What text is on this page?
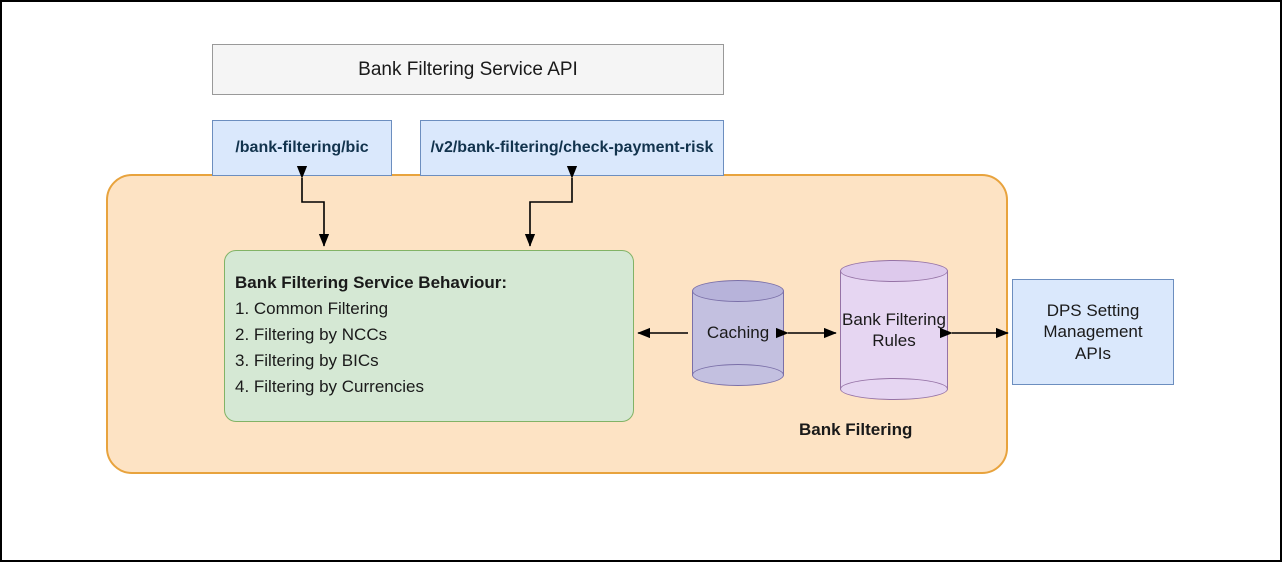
Bank Filtering Service API
/bank-filtering/bic	/v2/bank-filtering/check-payment-risk
Bank Filtering Service Behaviour:
1. Common Filtering
2. Filtering by NCCs
3. Filtering by BICs
4. Filtering by Currencies
Caching
Bank Filtering Rules
DPS Setting
Management
APIs
Bank Filtering
